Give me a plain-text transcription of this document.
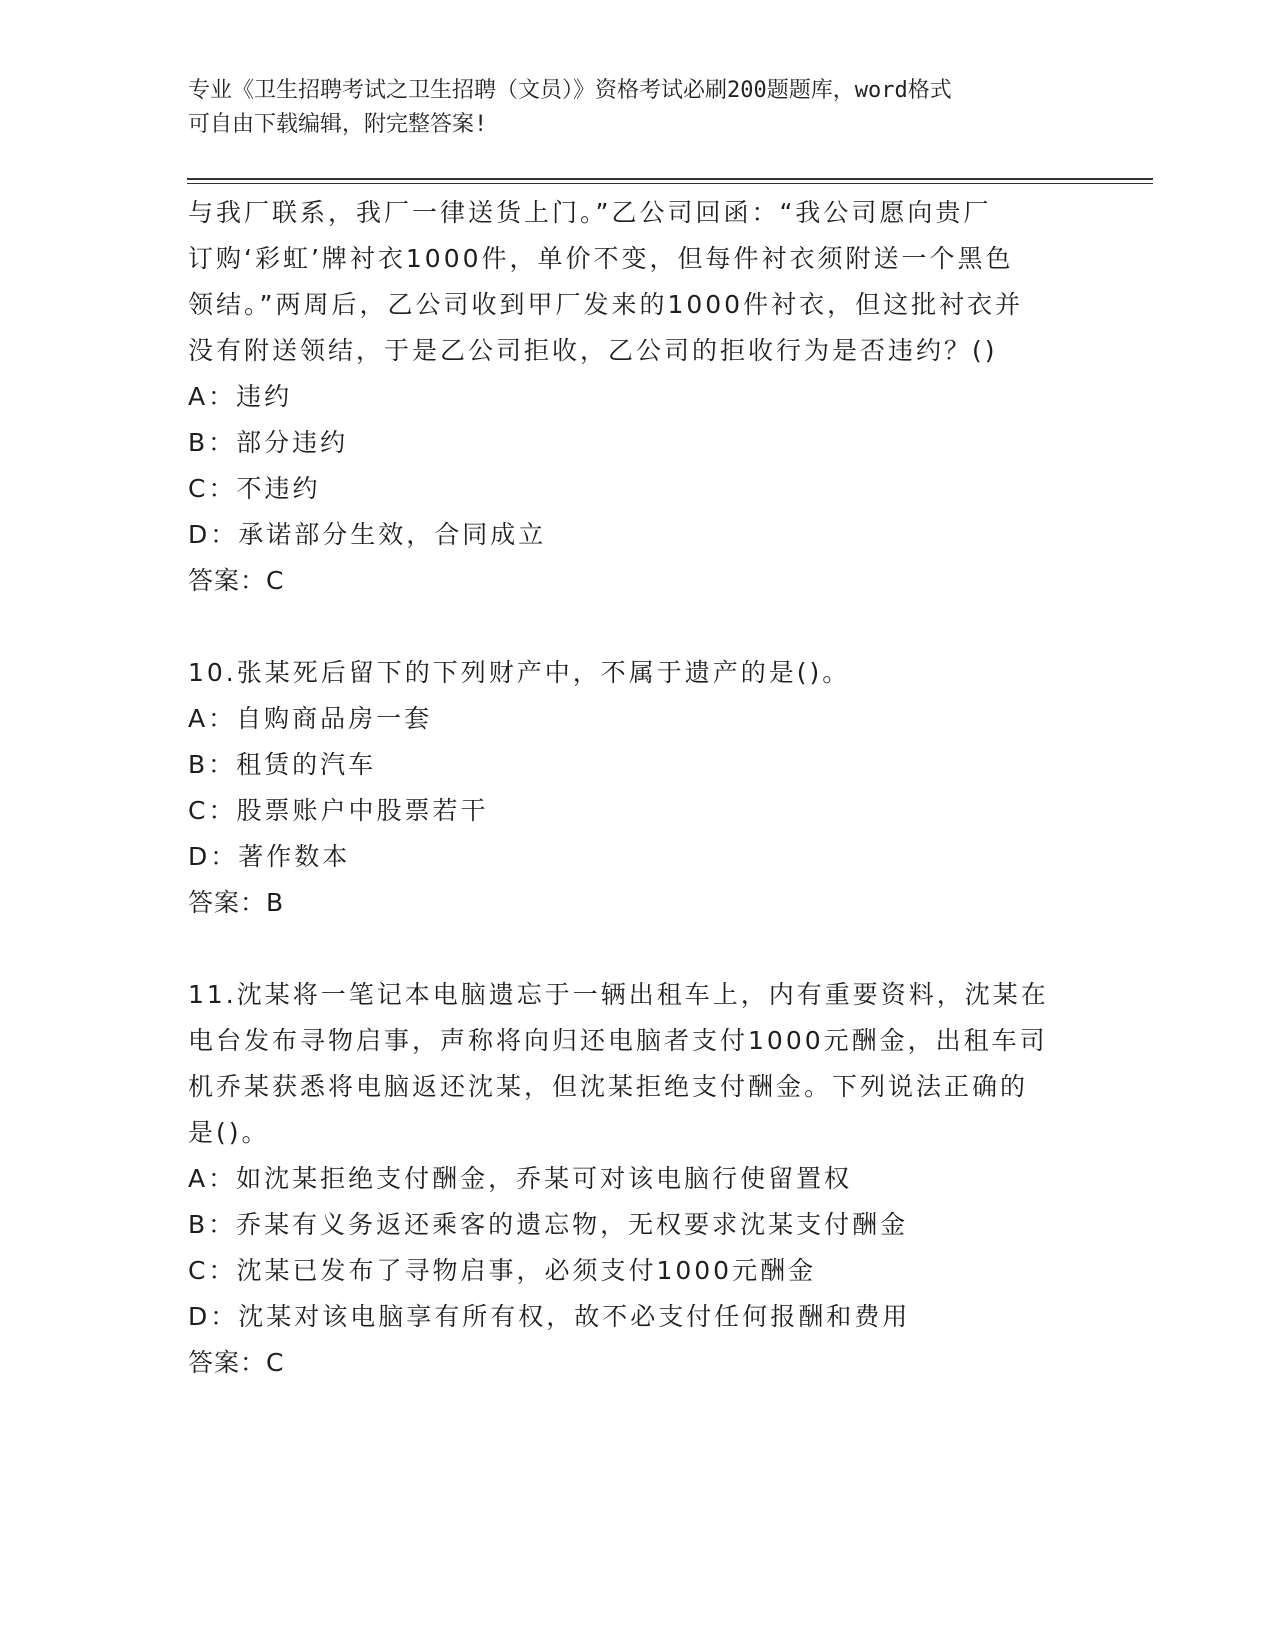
专业《卫生招聘考试之卫生招聘（文员）》资格考试必刷200题题库，word格式
可自由下载编辑，附完整答案!

与我厂联系，我厂一律送货上门。”乙公司回函：“我公司愿向贵厂

订购‘彩虹’牌衬衣1000件，单价不变，但每件衬衣须附送一个黑色

领结。”两周后，乙公司收到甲厂发来的1000件衬衣，但这批衬衣并

没有附送领结，于是乙公司拒收，乙公司的拒收行为是否违约？()

A：违约

B：部分违约

C：不违约

D：承诺部分生效，合同成立

答案：C

10.张某死后留下的下列财产中，不属于遗产的是()。

A：自购商品房一套

B：租赁的汽车

C：股票账户中股票若干

D：著作数本

答案：B

11.沈某将一笔记本电脑遗忘于一辆出租车上，内有重要资料，沈某在

电台发布寻物启事，声称将向归还电脑者支付1000元酬金，出租车司

机乔某获悉将电脑返还沈某，但沈某拒绝支付酬金。下列说法正确的

是()。

A：如沈某拒绝支付酬金，乔某可对该电脑行使留置权

B：乔某有义务返还乘客的遗忘物，无权要求沈某支付酬金

C：沈某已发布了寻物启事，必须支付1000元酬金

D：沈某对该电脑享有所有权，故不必支付任何报酬和费用

答案：C
